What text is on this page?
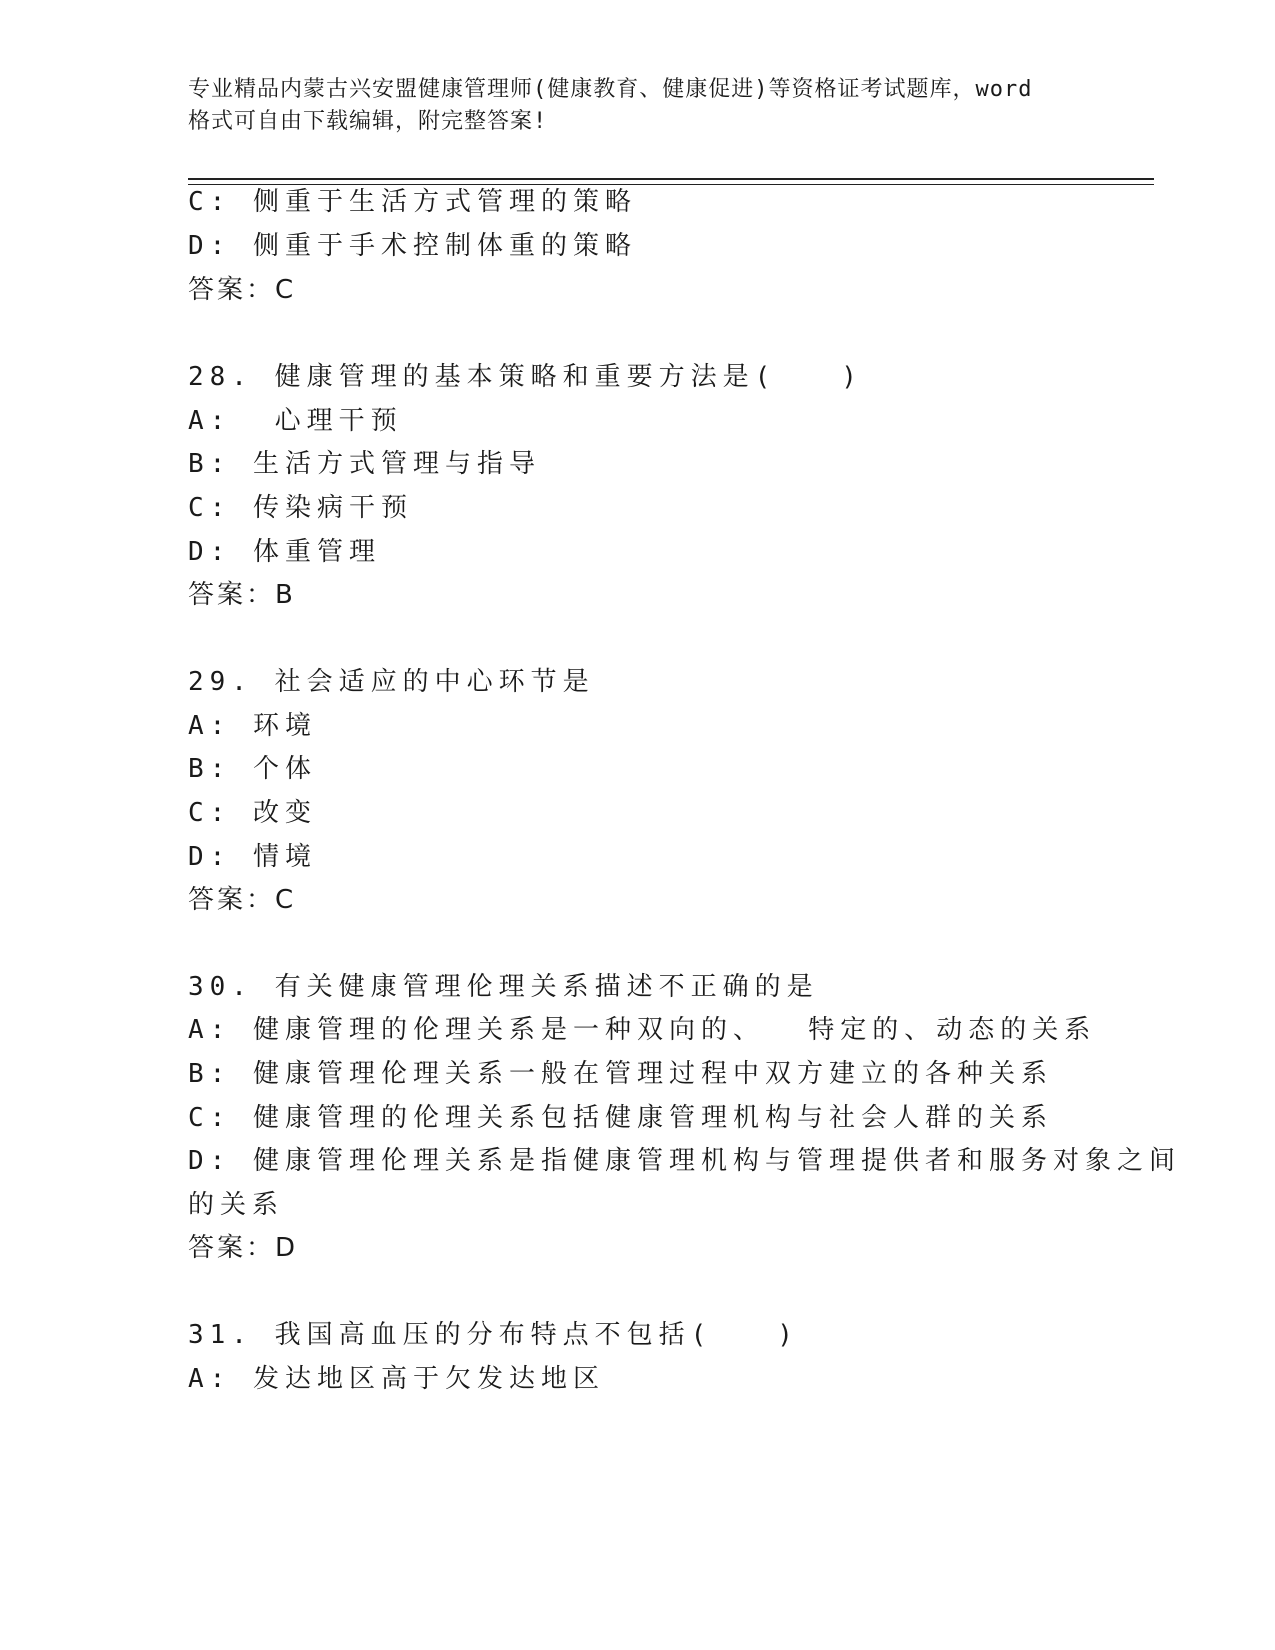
专业精品内蒙古兴安盟健康管理师(健康教育、健康促进)等资格证考试题库，word
格式可自由下载编辑，附完整答案!
C: 侧重于生活方式管理的策略
D: 侧重于手术控制体重的策略
答案：C
28. 健康管理的基本策略和重要方法是(   )
A:  心理干预
B: 生活方式管理与指导
C: 传染病干预
D: 体重管理
答案：B
29. 社会适应的中心环节是
A: 环境
B: 个体
C: 改变
D: 情境
答案：C
30. 有关健康管理伦理关系描述不正确的是
A: 健康管理的伦理关系是一种双向的、  特定的、动态的关系
B: 健康管理伦理关系一般在管理过程中双方建立的各种关系
C: 健康管理的伦理关系包括健康管理机构与社会人群的关系
D: 健康管理伦理关系是指健康管理机构与管理提供者和服务对象之间
的关系
答案：D
31. 我国高血压的分布特点不包括(   )
A: 发达地区高于欠发达地区
